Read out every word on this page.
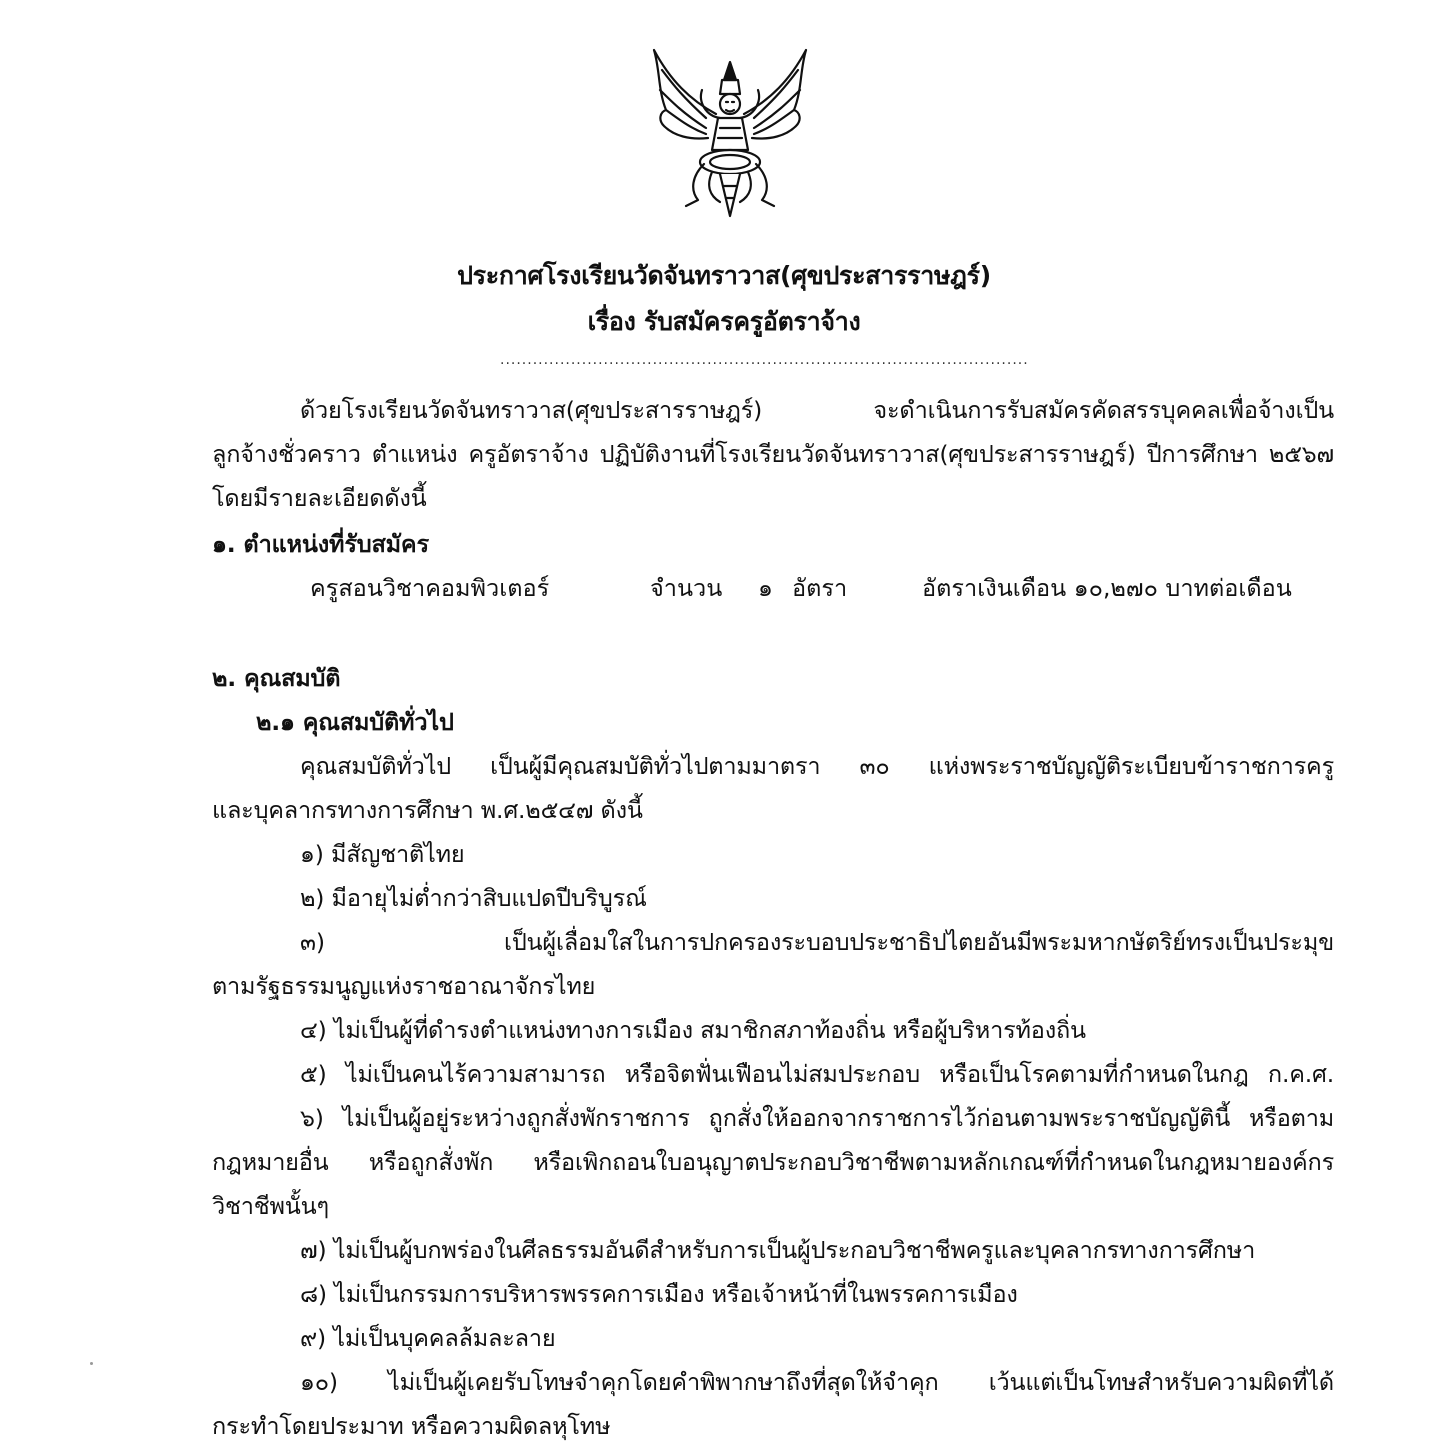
ประกาศโรงเรียนวัดจันทราวาส(ศุขประสารราษฎร์)
เรื่อง รับสมัครครูอัตราจ้าง
.................................................................................................
ด้วยโรงเรียนวัดจันทราวาส(ศุขประสารราษฎร์) จะดำเนินการรับสมัครคัดสรรบุคคลเพื่อจ้างเป็น
ลูกจ้างชั่วคราว ตำแหน่ง ครูอัตราจ้าง ปฏิบัติงานที่โรงเรียนวัดจันทราวาส(ศุขประสารราษฎร์) ปีการศึกษา ๒๕๖๗
โดยมีรายละเอียดดังนี้
๑. ตำแหน่งที่รับสมัคร
ครูสอนวิชาคอมพิวเตอร์	จำนวน ๑ อัตรา	อัตราเงินเดือน ๑๐,๒๗๐ บาทต่อเดือน
๒. คุณสมบัติ
๒.๑ คุณสมบัติทั่วไป
คุณสมบัติทั่วไป เป็นผู้มีคุณสมบัติทั่วไปตามมาตรา ๓๐ แห่งพระราชบัญญัติระเบียบข้าราชการครู
และบุคลากรทางการศึกษา พ.ศ.๒๕๔๗ ดังนี้
๑) มีสัญชาติไทย
๒) มีอายุไม่ต่ำกว่าสิบแปดปีบริบูรณ์
๓) เป็นผู้เลื่อมใสในการปกครองระบอบประชาธิปไตยอันมีพระมหากษัตริย์ทรงเป็นประมุข
ตามรัฐธรรมนูญแห่งราชอาณาจักรไทย
๔) ไม่เป็นผู้ที่ดำรงตำแหน่งทางการเมือง สมาชิกสภาท้องถิ่น หรือผู้บริหารท้องถิ่น
๕) ไม่เป็นคนไร้ความสามารถ หรือจิตฟั่นเฟือนไม่สมประกอบ หรือเป็นโรคตามที่กำหนดในกฎ ก.ค.ศ.
๖) ไม่เป็นผู้อยู่ระหว่างถูกสั่งพักราชการ ถูกสั่งให้ออกจากราชการไว้ก่อนตามพระราชบัญญัตินี้ หรือตาม
กฎหมายอื่น หรือถูกสั่งพัก หรือเพิกถอนใบอนุญาตประกอบวิชาชีพตามหลักเกณฑ์ที่กำหนดในกฎหมายองค์กร
วิชาชีพนั้นๆ
๗) ไม่เป็นผู้บกพร่องในศีลธรรมอันดีสำหรับการเป็นผู้ประกอบวิชาชีพครูและบุคลากรทางการศึกษา
๘) ไม่เป็นกรรมการบริหารพรรคการเมือง หรือเจ้าหน้าที่ในพรรคการเมือง
๙) ไม่เป็นบุคคลล้มละลาย
๑๐) ไม่เป็นผู้เคยรับโทษจำคุกโดยคำพิพากษาถึงที่สุดให้จำคุก เว้นแต่เป็นโทษสำหรับความผิดที่ได้
กระทำโดยประมาท หรือความผิดลหุโทษ
